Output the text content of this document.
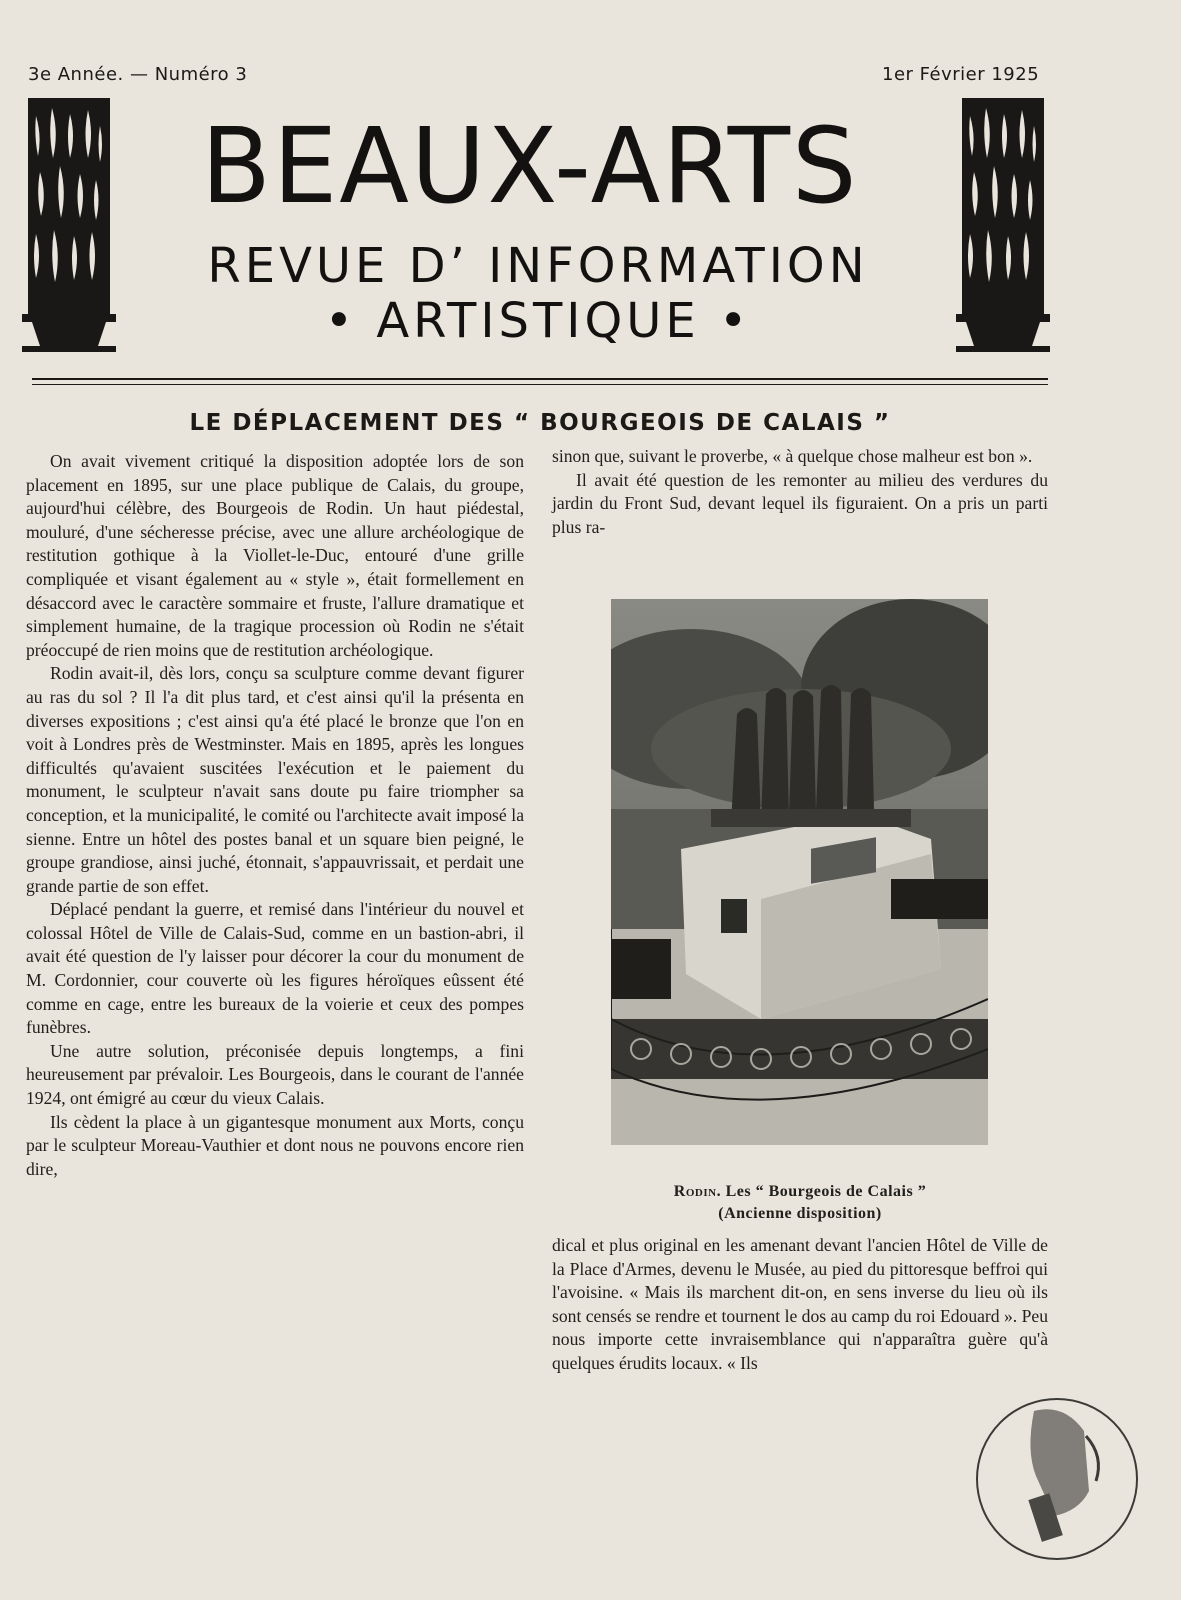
3e Année. — Numéro 3	1er Février 1925
BEAUX-ARTS
REVUE D’ INFORMATION
• ARTISTIQUE •
LE DÉPLACEMENT DES “ BOURGEOIS DE CALAIS ”

On avait vivement critiqué la disposition adoptée lors de son placement en 1895, sur une place publique de Calais, du groupe, aujourd'hui célèbre, des Bourgeois de Rodin. Un haut piédestal, mouluré, d'une sécheresse précise, avec une allure archéologique de restitution gothique à la Viollet-le-Duc, entouré d'une grille compliquée et visant également au « style », était formellement en désaccord avec le caractère sommaire et fruste, l'allure dramatique et simplement humaine, de la tragique procession où Rodin ne s'était préoccupé de rien moins que de restitution archéologique.

Rodin avait-il, dès lors, conçu sa sculpture comme devant figurer au ras du sol ? Il l'a dit plus tard, et c'est ainsi qu'il la présenta en diverses expositions ; c'est ainsi qu'a été placé le bronze que l'on en voit à Londres près de Westminster. Mais en 1895, après les longues difficultés qu'avaient suscitées l'exécution et le paiement du monument, le sculpteur n'avait sans doute pu faire triompher sa conception, et la municipalité, le comité ou l'architecte avait imposé la sienne. Entre un hôtel des postes banal et un square bien peigné, le groupe grandiose, ainsi juché, étonnait, s'appauvrissait, et perdait une grande partie de son effet.

Déplacé pendant la guerre, et remisé dans l'intérieur du nouvel et colossal Hôtel de Ville de Calais-Sud, comme en un bastion-abri, il avait été question de l'y laisser pour décorer la cour du monument de M. Cordonnier, cour couverte où les figures héroïques eûssent été comme en cage, entre les bureaux de la voierie et ceux des pompes funèbres.

Une autre solution, préconisée depuis longtemps, a fini heureusement par prévaloir. Les Bourgeois, dans le courant de l'année 1924, ont émigré au cœur du vieux Calais.

Ils cèdent la place à un gigantesque monument aux Morts, conçu par le sculpteur Moreau-Vauthier et dont nous ne pouvons encore rien dire,

sinon que, suivant le proverbe, « à quelque chose malheur est bon ».

Il avait été question de les remonter au milieu des verdures du jardin du Front Sud, devant lequel ils figuraient. On a pris un parti plus ra-

Rodin. Les “ Bourgeois de Calais ”
(Ancienne disposition)

dical et plus original en les amenant devant l'ancien Hôtel de Ville de la Place d'Armes, devenu le Musée, au pied du pittoresque beffroi qui l'avoisine. « Mais ils marchent dit-on, en sens inverse du lieu où ils sont censés se rendre et tournent le dos au camp du roi Edouard ». Peu nous importe cette invraisemblance qui n'apparaîtra guère qu'à quelques érudits locaux. « Ils
